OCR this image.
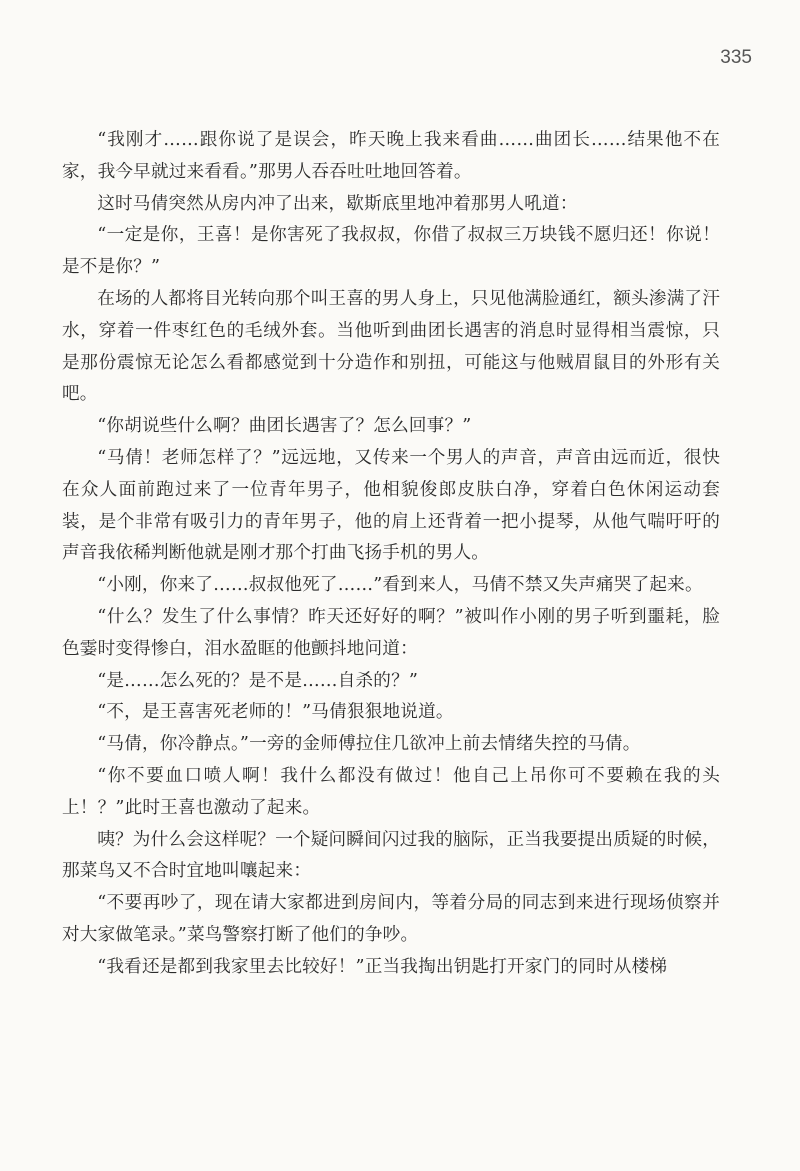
335

“我刚才……跟你说了是误会，昨天晚上我来看曲……曲团长……结果他不在家，我今早就过来看看。”那男人吞吞吐吐地回答着。

这时马倩突然从房内冲了出来，歇斯底里地冲着那男人吼道：

“一定是你，王喜！是你害死了我叔叔，你借了叔叔三万块钱不愿归还！你说！是不是你？”

在场的人都将目光转向那个叫王喜的男人身上，只见他满脸通红，额头渗满了汗水，穿着一件枣红色的毛绒外套。当他听到曲团长遇害的消息时显得相当震惊，只是那份震惊无论怎么看都感觉到十分造作和别扭，可能这与他贼眉鼠目的外形有关吧。

“你胡说些什么啊？曲团长遇害了？怎么回事？”

“马倩！老师怎样了？”远远地，又传来一个男人的声音，声音由远而近，很快在众人面前跑过来了一位青年男子，他相貌俊郎皮肤白净，穿着白色休闲运动套装，是个非常有吸引力的青年男子，他的肩上还背着一把小提琴，从他气喘吁吁的声音我依稀判断他就是刚才那个打曲飞扬手机的男人。

“小刚，你来了……叔叔他死了……”看到来人，马倩不禁又失声痛哭了起来。

“什么？发生了什么事情？昨天还好好的啊？”被叫作小刚的男子听到噩耗，脸色霎时变得惨白，泪水盈眶的他颤抖地问道：

“是……怎么死的？是不是……自杀的？”

“不，是王喜害死老师的！”马倩狠狠地说道。

“马倩，你冷静点。”一旁的金师傅拉住几欲冲上前去情绪失控的马倩。

“你不要血口喷人啊！我什么都没有做过！他自己上吊你可不要赖在我的头上！？”此时王喜也激动了起来。

咦？为什么会这样呢？一个疑问瞬间闪过我的脑际，正当我要提出质疑的时候，那菜鸟又不合时宜地叫嚷起来：

“不要再吵了，现在请大家都进到房间内，等着分局的同志到来进行现场侦察并对大家做笔录。”菜鸟警察打断了他们的争吵。

“我看还是都到我家里去比较好！”正当我掏出钥匙打开家门的同时从楼梯
